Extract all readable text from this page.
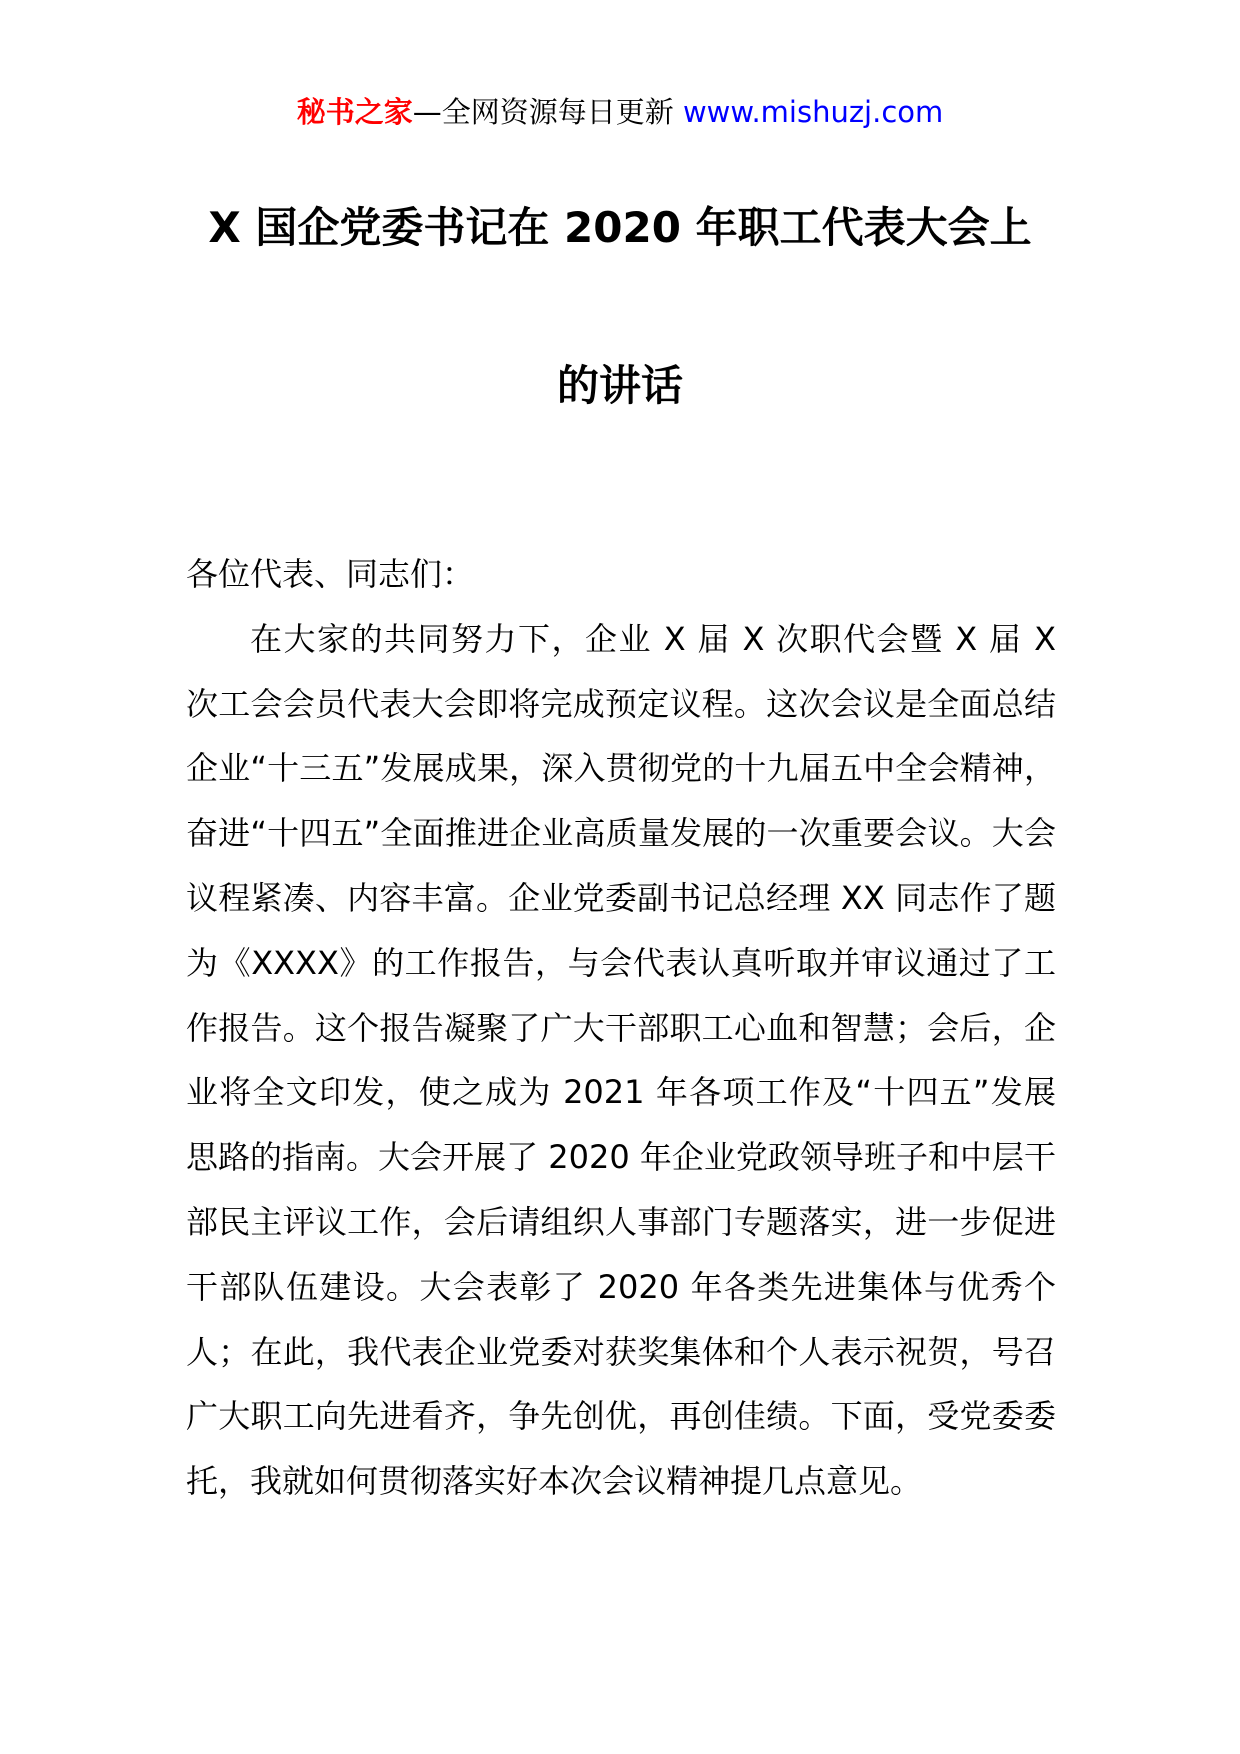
秘书之家—全网资源每日更新 www.mishuzj.com
X 国企党委书记在 2020 年职工代表大会上
的讲话

各位代表、同志们：

在大家的共同努力下，企业 X 届 X 次职代会暨 X 届 X 次工会会员代表大会即将完成预定议程。这次会议是全面总结企业“十三五”发展成果，深入贯彻党的十九届五中全会精神，奋进“十四五”全面推进企业高质量发展的一次重要会议。大会议程紧凑、内容丰富。企业党委副书记总经理 XX 同志作了题为《XXXX》的工作报告，与会代表认真听取并审议通过了工作报告。这个报告凝聚了广大干部职工心血和智慧；会后，企业将全文印发，使之成为 2021 年各项工作及“十四五”发展思路的指南。大会开展了 2020 年企业党政领导班子和中层干部民主评议工作，会后请组织人事部门专题落实，进一步促进干部队伍建设。大会表彰了 2020 年各类先进集体与优秀个人；在此，我代表企业党委对获奖集体和个人表示祝贺，号召广大职工向先进看齐，争先创优，再创佳绩。下面，受党委委托，我就如何贯彻落实好本次会议精神提几点意见。
